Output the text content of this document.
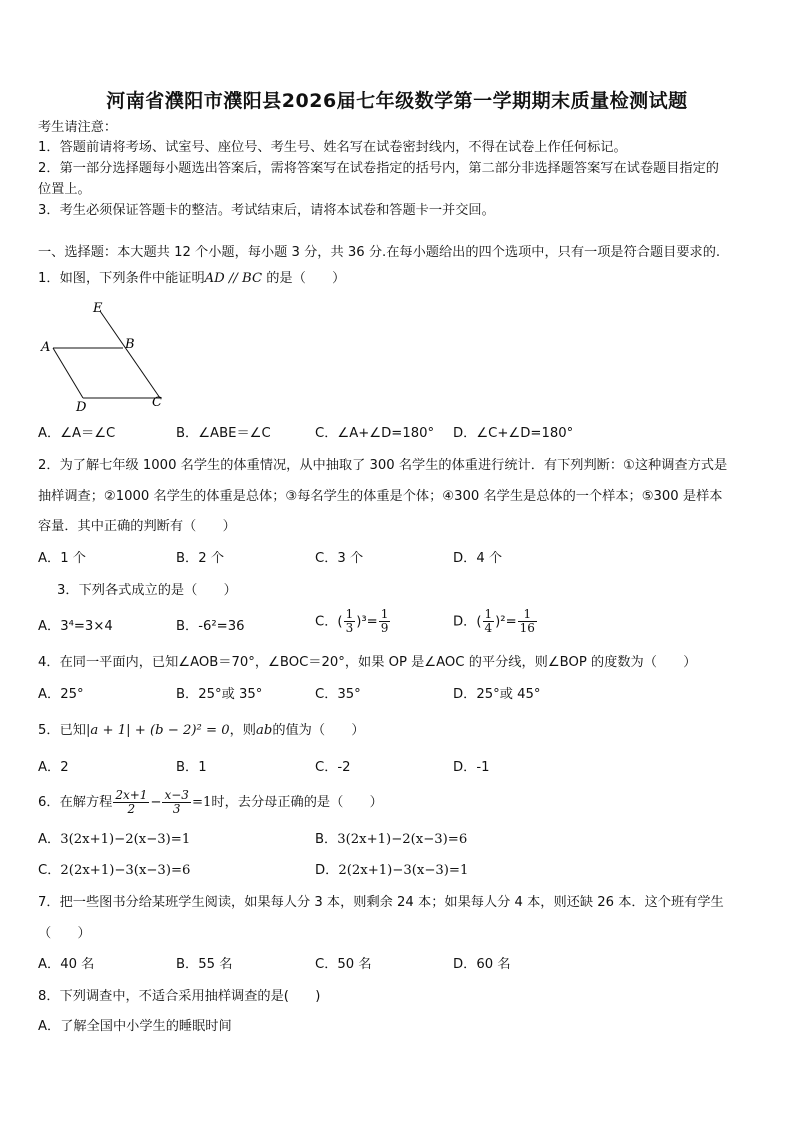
河南省濮阳市濮阳县2026届七年级数学第一学期期末质量检测试题
考生请注意：
1．答题前请将考场、试室号、座位号、考生号、姓名写在试卷密封线内，不得在试卷上作任何标记。
2．第一部分选择题每小题选出答案后，需将答案写在试卷指定的括号内，第二部分非选择题答案写在试卷题目指定的
位置上。
3．考生必须保证答题卡的整洁。考试结束后，请将本试卷和答题卡一并交回。
一、选择题：本大题共 12 个小题，每小题 3 分，共 36 分.在每小题给出的四个选项中，只有一项是符合题目要求的.
1．如图，下列条件中能证明AD // BC 的是（　　）
E
A	B
D	C
A．∠A＝∠C	B．∠ABE＝∠C	C．∠A+∠D=180° D．∠C+∠D=180°
2．为了解七年级 1000 名学生的体重情况，从中抽取了 300 名学生的体重进行统计．有下列判断：①这种调查方式是
抽样调查；②1000 名学生的体重是总体；③每名学生的体重是个体；④300 名学生是总体的一个样本；⑤300 是样本
容量．其中正确的判断有（　　）
A．1 个	B．2 个	C．3 个	D．4 个
3．下列各式成立的是（　　）
A．3⁴=3×4	B．-6²=36	C．( $\frac{1}{3} )^3= \frac{1}{9}$	D．( $\frac{1}{4} )^2= \frac{1}{16}$
4．在同一平面内，已知∠AOB＝70°，∠BOC＝20°，如果 OP 是∠AOC 的平分线，则∠BOP 的度数为（　　）
A．25°	B．25°或 35°	C．35°	D．25°或 45°
5．已知|a + 1| + (b − 2)² = 0，则ab的值为（　　）
A．2	B．1	C．-2	D．-1
6．在解方程 $\frac{2x+1}{2} - \frac{x-3}{3} =1$时，去分母正确的是（　　）
A．3(2x+1)−2(x−3)=1	B．3(2x+1)−2(x−3)=6
C．2(2x+1)−3(x−3)=6	D．2(2x+1)−3(x−3)=1
7．把一些图书分给某班学生阅读，如果每人分 3 本，则剩余 24 本；如果每人分 4 本，则还缺 26 本．这个班有学生
（　　）
A．40 名	B．55 名	C．50 名	D．60 名
8．下列调查中，不适合采用抽样调查的是(　　)
A．了解全国中小学生的睡眠时间
